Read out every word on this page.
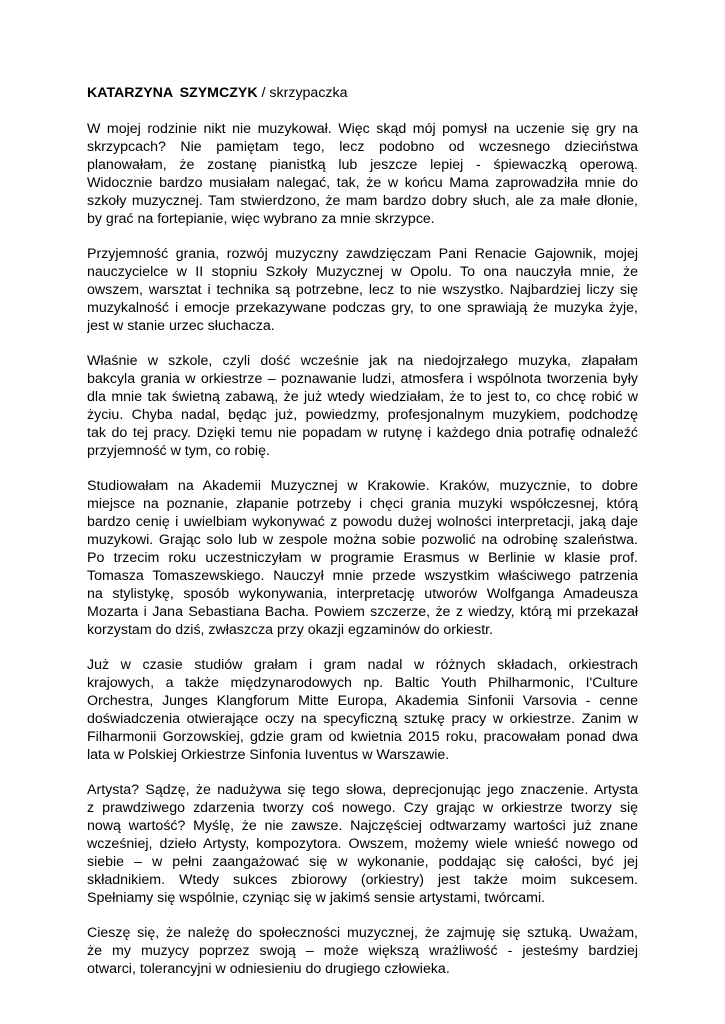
KATARZYNA SZYMCZYK / skrzypaczka
W mojej rodzinie nikt nie muzykował. Więc skąd mój pomysł na uczenie się gry na
skrzypcach? Nie pamiętam tego, lecz podobno od wczesnego dzieciństwa
planowałam, że zostanę pianistką lub jeszcze lepiej - śpiewaczką operową.
Widocznie bardzo musiałam nalegać, tak, że w końcu Mama zaprowadziła mnie do
szkoły muzycznej. Tam stwierdzono, że mam bardzo dobry słuch, ale za małe dłonie,
by grać na fortepianie, więc wybrano za mnie skrzypce.
Przyjemność grania, rozwój muzyczny zawdzięczam Pani Renacie Gajownik, mojej
nauczycielce w II stopniu Szkoły Muzycznej w Opolu. To ona nauczyła mnie, że
owszem, warsztat i technika są potrzebne, lecz to nie wszystko. Najbardziej liczy się
muzykalność i emocje przekazywane podczas gry, to one sprawiają że muzyka żyje,
jest w stanie urzec słuchacza.
Właśnie w szkole, czyli dość wcześnie jak na niedojrzałego muzyka, złapałam
bakcyla grania w orkiestrze – poznawanie ludzi, atmosfera i wspólnota tworzenia były
dla mnie tak świetną zabawą, że już wtedy wiedziałam, że to jest to, co chcę robić w
życiu. Chyba nadal, będąc już, powiedzmy, profesjonalnym muzykiem, podchodzę
tak do tej pracy. Dzięki temu nie popadam w rutynę i każdego dnia potrafię odnaleźć
przyjemność w tym, co robię.
Studiowałam na Akademii Muzycznej w Krakowie. Kraków, muzycznie, to dobre
miejsce na poznanie, złapanie potrzeby i chęci grania muzyki współczesnej, którą
bardzo cenię i uwielbiam wykonywać z powodu dużej wolności interpretacji, jaką daje
muzykowi. Grając solo lub w zespole można sobie pozwolić na odrobinę szaleństwa.
Po trzecim roku uczestniczyłam w programie Erasmus w Berlinie w klasie prof.
Tomasza Tomaszewskiego. Nauczył mnie przede wszystkim właściwego patrzenia
na stylistykę, sposób wykonywania, interpretację utworów Wolfganga Amadeusza
Mozarta i Jana Sebastiana Bacha. Powiem szczerze, że z wiedzy, którą mi przekazał
korzystam do dziś, zwłaszcza przy okazji egzaminów do orkiestr.
Już w czasie studiów grałam i gram nadal w różnych składach, orkiestrach
krajowych, a także międzynarodowych np. Baltic Youth Philharmonic, I'Culture
Orchestra, Junges Klangforum Mitte Europa, Akademia Sinfonii Varsovia - cenne
doświadczenia otwierające oczy na specyficzną sztukę pracy w orkiestrze. Zanim w
Filharmonii Gorzowskiej, gdzie gram od kwietnia 2015 roku, pracowałam ponad dwa
lata w Polskiej Orkiestrze Sinfonia Iuventus w Warszawie.
Artysta? Sądzę, że nadużywa się tego słowa, deprecjonując jego znaczenie. Artysta
z prawdziwego zdarzenia tworzy coś nowego. Czy grając w orkiestrze tworzy się
nową wartość? Myślę, że nie zawsze. Najczęściej odtwarzamy wartości już znane
wcześniej, dzieło Artysty, kompozytora. Owszem, możemy wiele wnieść nowego od
siebie – w pełni zaangażować się w wykonanie, poddając się całości, być jej
składnikiem. Wtedy sukces zbiorowy (orkiestry) jest także moim sukcesem.
Spełniamy się wspólnie, czyniąc się w jakimś sensie artystami, twórcami.
Cieszę się, że należę do społeczności muzycznej, że zajmuję się sztuką. Uważam,
że my muzycy poprzez swoją – może większą wrażliwość - jesteśmy bardziej
otwarci, tolerancyjni w odniesieniu do drugiego człowieka.
